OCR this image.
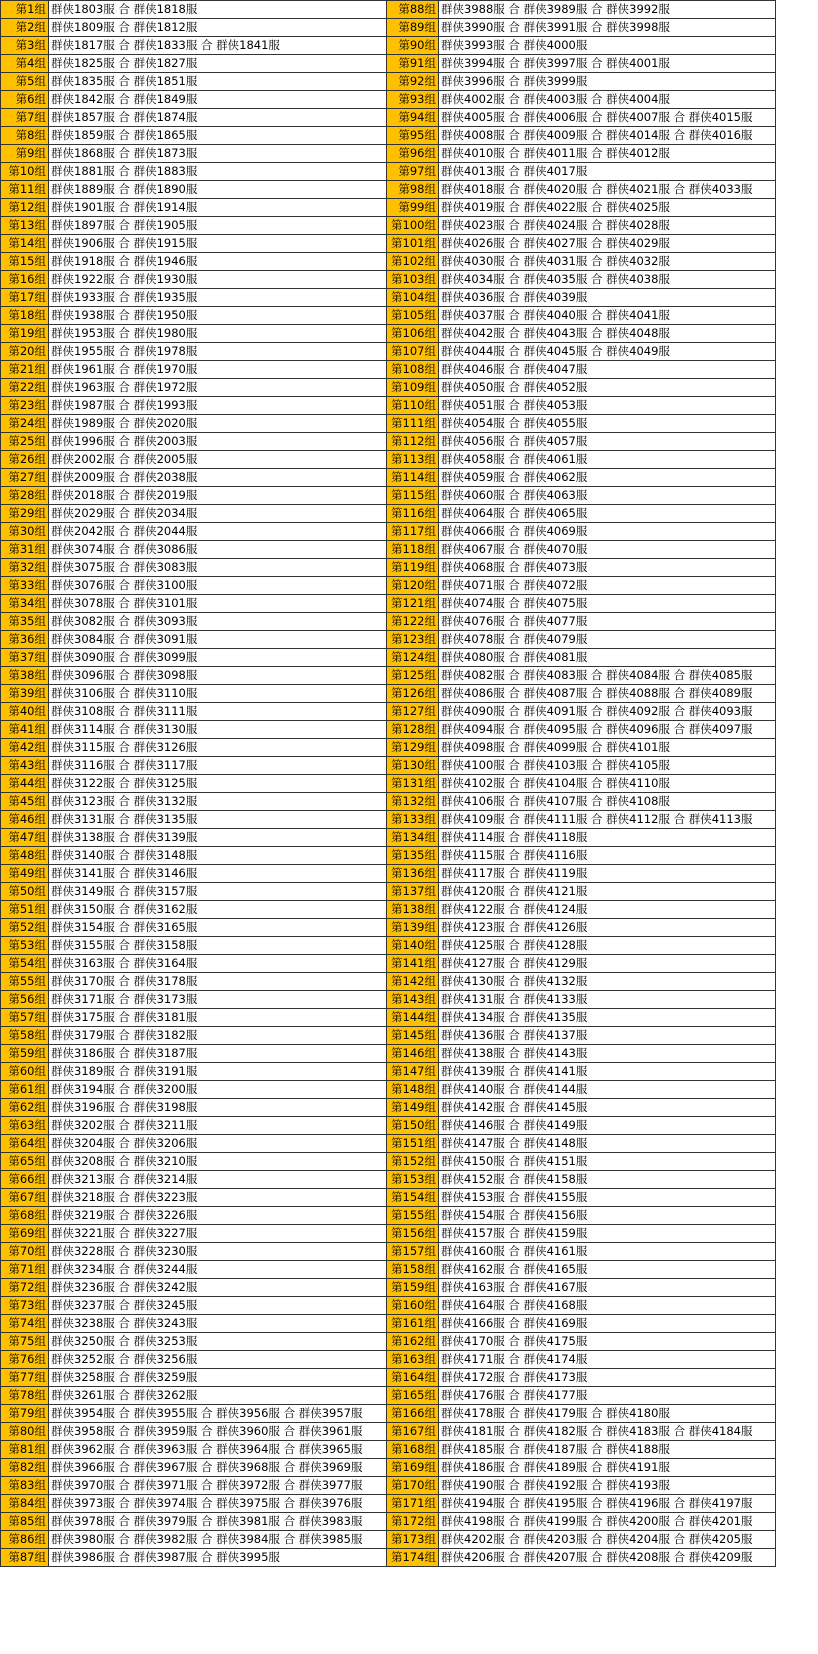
第1组 群侠1803服 合 群侠1818服	第88组 群侠3988服 合 群侠3989服 合 群侠3992服
第2组 群侠1809服 合 群侠1812服	第89组 群侠3990服 合 群侠3991服 合 群侠3998服
第3组 群侠1817服 合 群侠1833服 合 群侠1841服	第90组 群侠3993服 合 群侠4000服
第4组 群侠1825服 合 群侠1827服	第91组 群侠3994服 合 群侠3997服 合 群侠4001服
第5组 群侠1835服 合 群侠1851服	第92组 群侠3996服 合 群侠3999服
第6组 群侠1842服 合 群侠1849服	第93组 群侠4002服 合 群侠4003服 合 群侠4004服
第7组 群侠1857服 合 群侠1874服	第94组 群侠4005服 合 群侠4006服 合 群侠4007服 合 群侠4015服
第8组 群侠1859服 合 群侠1865服	第95组 群侠4008服 合 群侠4009服 合 群侠4014服 合 群侠4016服
第9组 群侠1868服 合 群侠1873服	第96组 群侠4010服 合 群侠4011服 合 群侠4012服
第10组 群侠1881服 合 群侠1883服	第97组 群侠4013服 合 群侠4017服
第11组 群侠1889服 合 群侠1890服	第98组 群侠4018服 合 群侠4020服 合 群侠4021服 合 群侠4033服
第12组 群侠1901服 合 群侠1914服	第99组 群侠4019服 合 群侠4022服 合 群侠4025服
第13组 群侠1897服 合 群侠1905服	第100组 群侠4023服 合 群侠4024服 合 群侠4028服
第14组 群侠1906服 合 群侠1915服	第101组 群侠4026服 合 群侠4027服 合 群侠4029服
第15组 群侠1918服 合 群侠1946服	第102组 群侠4030服 合 群侠4031服 合 群侠4032服
第16组 群侠1922服 合 群侠1930服	第103组 群侠4034服 合 群侠4035服 合 群侠4038服
第17组 群侠1933服 合 群侠1935服	第104组 群侠4036服 合 群侠4039服
第18组 群侠1938服 合 群侠1950服	第105组 群侠4037服 合 群侠4040服 合 群侠4041服
第19组 群侠1953服 合 群侠1980服	第106组 群侠4042服 合 群侠4043服 合 群侠4048服
第20组 群侠1955服 合 群侠1978服	第107组 群侠4044服 合 群侠4045服 合 群侠4049服
第21组 群侠1961服 合 群侠1970服	第108组 群侠4046服 合 群侠4047服
第22组 群侠1963服 合 群侠1972服	第109组 群侠4050服 合 群侠4052服
第23组 群侠1987服 合 群侠1993服	第110组 群侠4051服 合 群侠4053服
第24组 群侠1989服 合 群侠2020服	第111组 群侠4054服 合 群侠4055服
第25组 群侠1996服 合 群侠2003服	第112组 群侠4056服 合 群侠4057服
第26组 群侠2002服 合 群侠2005服	第113组 群侠4058服 合 群侠4061服
第27组 群侠2009服 合 群侠2038服	第114组 群侠4059服 合 群侠4062服
第28组 群侠2018服 合 群侠2019服	第115组 群侠4060服 合 群侠4063服
第29组 群侠2029服 合 群侠2034服	第116组 群侠4064服 合 群侠4065服
第30组 群侠2042服 合 群侠2044服	第117组 群侠4066服 合 群侠4069服
第31组 群侠3074服 合 群侠3086服	第118组 群侠4067服 合 群侠4070服
第32组 群侠3075服 合 群侠3083服	第119组 群侠4068服 合 群侠4073服
第33组 群侠3076服 合 群侠3100服	第120组 群侠4071服 合 群侠4072服
第34组 群侠3078服 合 群侠3101服	第121组 群侠4074服 合 群侠4075服
第35组 群侠3082服 合 群侠3093服	第122组 群侠4076服 合 群侠4077服
第36组 群侠3084服 合 群侠3091服	第123组 群侠4078服 合 群侠4079服
第37组 群侠3090服 合 群侠3099服	第124组 群侠4080服 合 群侠4081服
第38组 群侠3096服 合 群侠3098服	第125组 群侠4082服 合 群侠4083服 合 群侠4084服 合 群侠4085服
第39组 群侠3106服 合 群侠3110服	第126组 群侠4086服 合 群侠4087服 合 群侠4088服 合 群侠4089服
第40组 群侠3108服 合 群侠3111服	第127组 群侠4090服 合 群侠4091服 合 群侠4092服 合 群侠4093服
第41组 群侠3114服 合 群侠3130服	第128组 群侠4094服 合 群侠4095服 合 群侠4096服 合 群侠4097服
第42组 群侠3115服 合 群侠3126服	第129组 群侠4098服 合 群侠4099服 合 群侠4101服
第43组 群侠3116服 合 群侠3117服	第130组 群侠4100服 合 群侠4103服 合 群侠4105服
第44组 群侠3122服 合 群侠3125服	第131组 群侠4102服 合 群侠4104服 合 群侠4110服
第45组 群侠3123服 合 群侠3132服	第132组 群侠4106服 合 群侠4107服 合 群侠4108服
第46组 群侠3131服 合 群侠3135服	第133组 群侠4109服 合 群侠4111服 合 群侠4112服 合 群侠4113服
第47组 群侠3138服 合 群侠3139服	第134组 群侠4114服 合 群侠4118服
第48组 群侠3140服 合 群侠3148服	第135组 群侠4115服 合 群侠4116服
第49组 群侠3141服 合 群侠3146服	第136组 群侠4117服 合 群侠4119服
第50组 群侠3149服 合 群侠3157服	第137组 群侠4120服 合 群侠4121服
第51组 群侠3150服 合 群侠3162服	第138组 群侠4122服 合 群侠4124服
第52组 群侠3154服 合 群侠3165服	第139组 群侠4123服 合 群侠4126服
第53组 群侠3155服 合 群侠3158服	第140组 群侠4125服 合 群侠4128服
第54组 群侠3163服 合 群侠3164服	第141组 群侠4127服 合 群侠4129服
第55组 群侠3170服 合 群侠3178服	第142组 群侠4130服 合 群侠4132服
第56组 群侠3171服 合 群侠3173服	第143组 群侠4131服 合 群侠4133服
第57组 群侠3175服 合 群侠3181服	第144组 群侠4134服 合 群侠4135服
第58组 群侠3179服 合 群侠3182服	第145组 群侠4136服 合 群侠4137服
第59组 群侠3186服 合 群侠3187服	第146组 群侠4138服 合 群侠4143服
第60组 群侠3189服 合 群侠3191服	第147组 群侠4139服 合 群侠4141服
第61组 群侠3194服 合 群侠3200服	第148组 群侠4140服 合 群侠4144服
第62组 群侠3196服 合 群侠3198服	第149组 群侠4142服 合 群侠4145服
第63组 群侠3202服 合 群侠3211服	第150组 群侠4146服 合 群侠4149服
第64组 群侠3204服 合 群侠3206服	第151组 群侠4147服 合 群侠4148服
第65组 群侠3208服 合 群侠3210服	第152组 群侠4150服 合 群侠4151服
第66组 群侠3213服 合 群侠3214服	第153组 群侠4152服 合 群侠4158服
第67组 群侠3218服 合 群侠3223服	第154组 群侠4153服 合 群侠4155服
第68组 群侠3219服 合 群侠3226服	第155组 群侠4154服 合 群侠4156服
第69组 群侠3221服 合 群侠3227服	第156组 群侠4157服 合 群侠4159服
第70组 群侠3228服 合 群侠3230服	第157组 群侠4160服 合 群侠4161服
第71组 群侠3234服 合 群侠3244服	第158组 群侠4162服 合 群侠4165服
第72组 群侠3236服 合 群侠3242服	第159组 群侠4163服 合 群侠4167服
第73组 群侠3237服 合 群侠3245服	第160组 群侠4164服 合 群侠4168服
第74组 群侠3238服 合 群侠3243服	第161组 群侠4166服 合 群侠4169服
第75组 群侠3250服 合 群侠3253服	第162组 群侠4170服 合 群侠4175服
第76组 群侠3252服 合 群侠3256服	第163组 群侠4171服 合 群侠4174服
第77组 群侠3258服 合 群侠3259服	第164组 群侠4172服 合 群侠4173服
第78组 群侠3261服 合 群侠3262服	第165组 群侠4176服 合 群侠4177服
第79组 群侠3954服 合 群侠3955服 合 群侠3956服 合 群侠3957服	第166组 群侠4178服 合 群侠4179服 合 群侠4180服
第80组 群侠3958服 合 群侠3959服 合 群侠3960服 合 群侠3961服	第167组 群侠4181服 合 群侠4182服 合 群侠4183服 合 群侠4184服
第81组 群侠3962服 合 群侠3963服 合 群侠3964服 合 群侠3965服	第168组 群侠4185服 合 群侠4187服 合 群侠4188服
第82组 群侠3966服 合 群侠3967服 合 群侠3968服 合 群侠3969服	第169组 群侠4186服 合 群侠4189服 合 群侠4191服
第83组 群侠3970服 合 群侠3971服 合 群侠3972服 合 群侠3977服	第170组 群侠4190服 合 群侠4192服 合 群侠4193服
第84组 群侠3973服 合 群侠3974服 合 群侠3975服 合 群侠3976服	第171组 群侠4194服 合 群侠4195服 合 群侠4196服 合 群侠4197服
第85组 群侠3978服 合 群侠3979服 合 群侠3981服 合 群侠3983服	第172组 群侠4198服 合 群侠4199服 合 群侠4200服 合 群侠4201服
第86组 群侠3980服 合 群侠3982服 合 群侠3984服 合 群侠3985服	第173组 群侠4202服 合 群侠4203服 合 群侠4204服 合 群侠4205服
第87组 群侠3986服 合 群侠3987服 合 群侠3995服	第174组 群侠4206服 合 群侠4207服 合 群侠4208服 合 群侠4209服
